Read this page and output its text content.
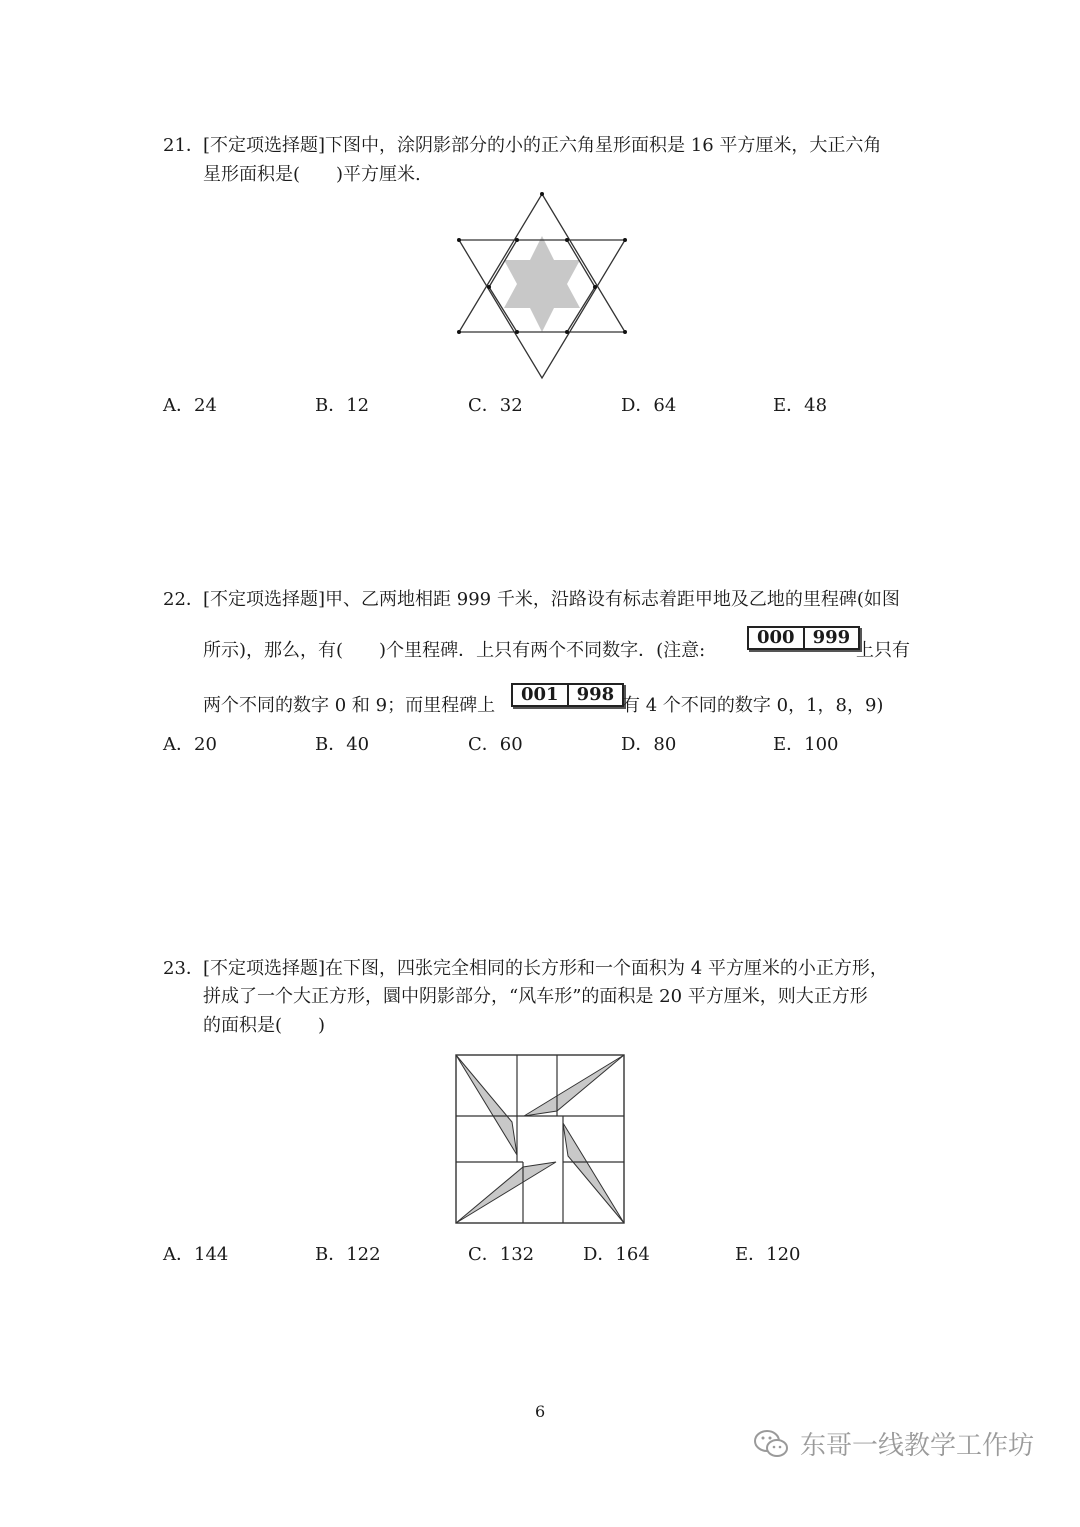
21． [不定项选择题]下图中，涂阴影部分的小的正六角星形面积是 16 平方厘米，大正六角
星形面积是(　　)平方厘米.
A．24	B．12	C．32	D．64	E．48
22． [不定项选择题]甲、乙两地相距 999 千米，沿路设有标志着距甲地及乙地的里程碑(如图
所示)，那么，有(　　)个里程碑．上只有两个不同数字．(注意:
000	999
上只有
两个不同的数字 0 和 9；而里程碑上
001	998
有 4 个不同的数字 0，1，8，9)
A．20	B．40	C．60	D．80	E．100
23． [不定项选择题]在下图，四张完全相同的长方形和一个面积为 4 平方厘米的小正方形，
拼成了一个大正方形，圜中阴影部分，“风车形”的面积是 20 平方厘米，则大正方形
的面积是(　　)
A．144	B．122	C．132	D．164	E．120
6
东哥一线教学工作坊
